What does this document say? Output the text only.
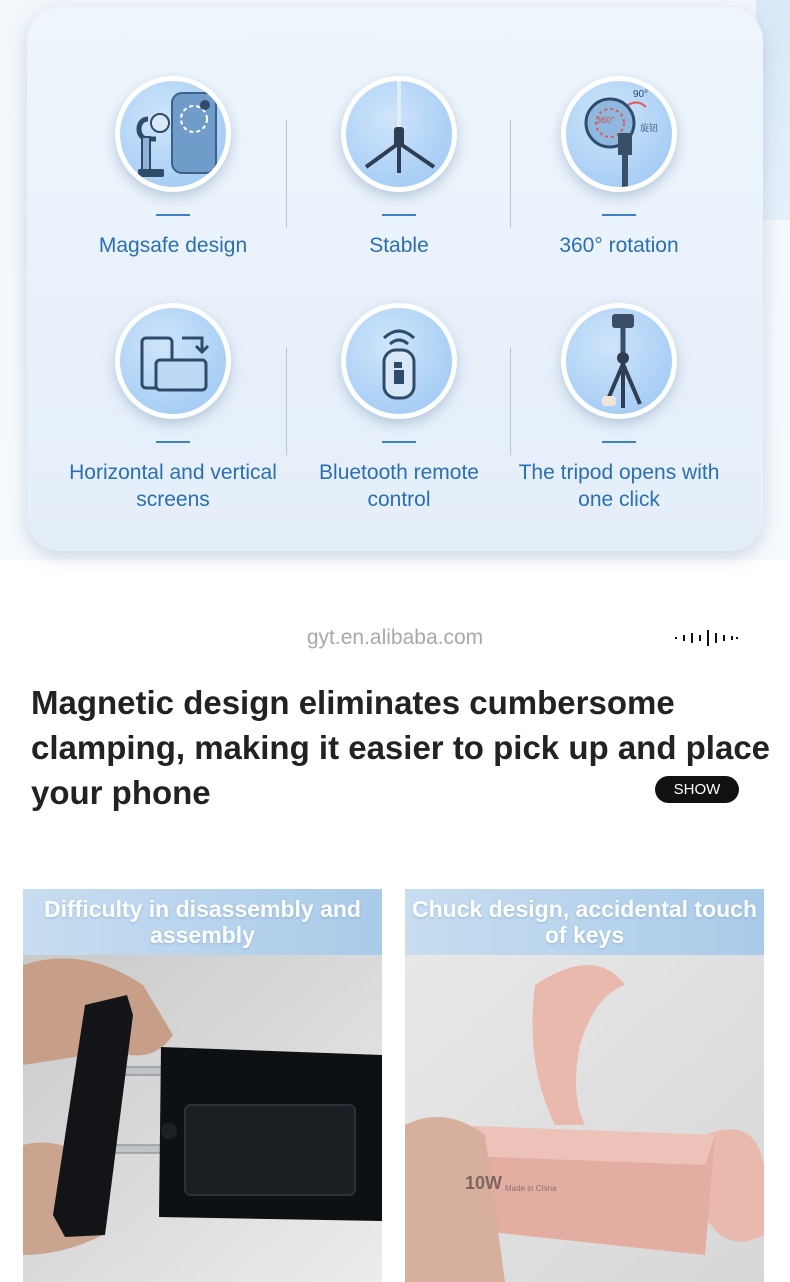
Magsafe design	Stable
90°
360°
旋钮
360° rotation
Horizontal and vertical screens
Bluetooth remote control
The tripod opens with one click
gyt.en.alibaba.com
Magnetic design eliminates cumbersome clamping, making it easier to pick up and place your phone	SHOW
Difficulty in disassembly and assembly
Chuck design, accidental touch of keys
10W Made in China
